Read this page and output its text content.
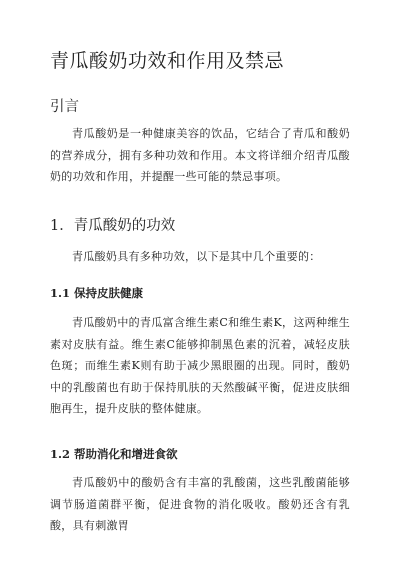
青瓜酸奶功效和作用及禁忌
引言

青瓜酸奶是一种健康美容的饮品，它结合了青瓜和酸奶的营养成分，拥有多种功效和作用。本文将详细介绍青瓜酸奶的功效和作用，并提醒一些可能的禁忌事项。

1．青瓜酸奶的功效

青瓜酸奶具有多种功效，以下是其中几个重要的：

1.1 保持皮肤健康

青瓜酸奶中的青瓜富含维生素C和维生素K，这两种维生素对皮肤有益。维生素C能够抑制黑色素的沉着，减轻皮肤色斑；而维生素K则有助于减少黑眼圈的出现。同时，酸奶中的乳酸菌也有助于保持肌肤的天然酸碱平衡，促进皮肤细胞再生，提升皮肤的整体健康。

1.2 帮助消化和增进食欲

青瓜酸奶中的酸奶含有丰富的乳酸菌，这些乳酸菌能够调节肠道菌群平衡，促进食物的消化吸收。酸奶还含有乳酸，具有刺激胃
